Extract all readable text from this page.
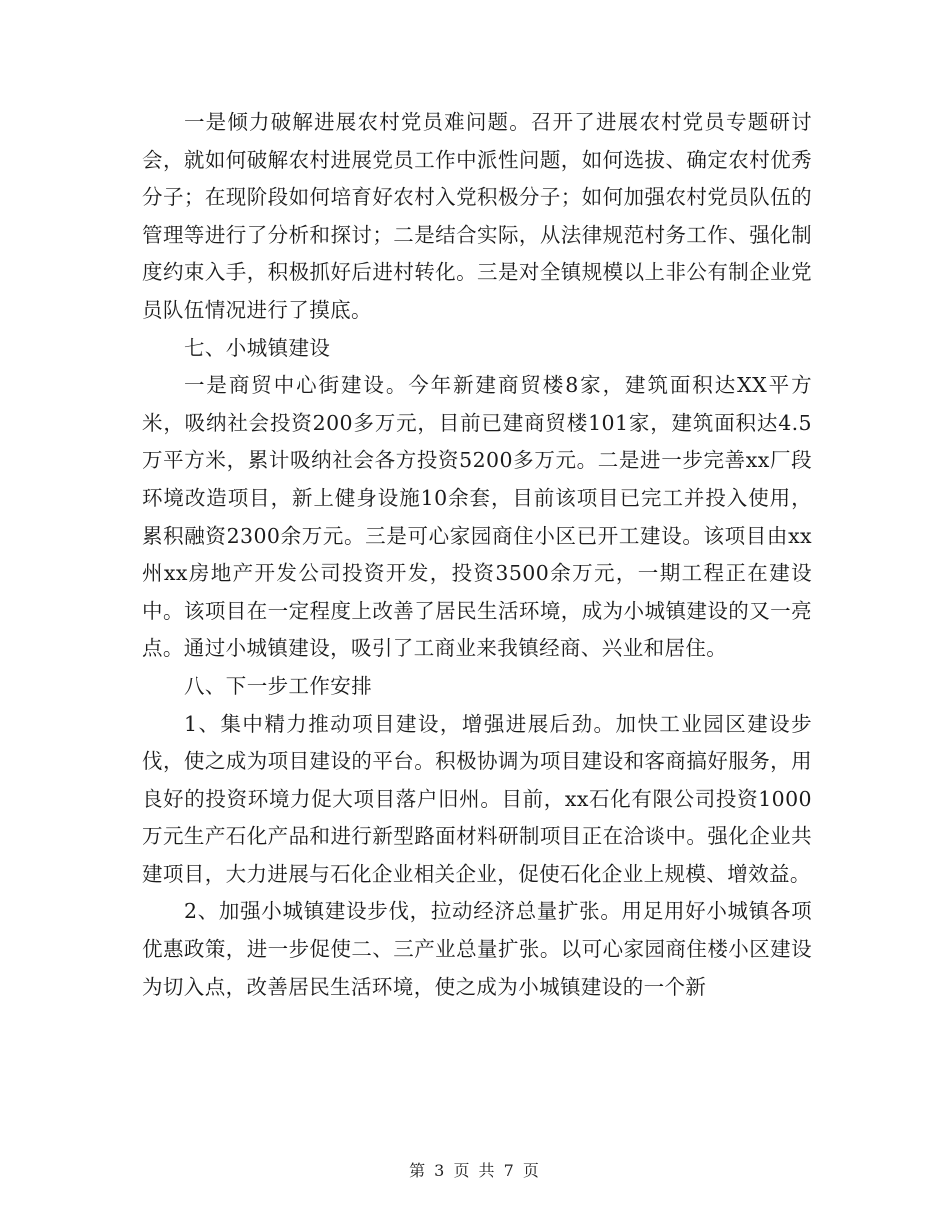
一是倾力破解进展农村党员难问题。召开了进展农村党员专题研讨会，就如何破解农村进展党员工作中派性问题，如何选拔、确定农村优秀分子；在现阶段如何培育好农村入党积极分子；如何加强农村党员队伍的管理等进行了分析和探讨；二是结合实际，从法律规范村务工作、强化制度约束入手，积极抓好后进村转化。三是对全镇规模以上非公有制企业党员队伍情况进行了摸底。

七、小城镇建设

一是商贸中心街建设。今年新建商贸楼8家，建筑面积达XX平方米，吸纳社会投资200多万元，目前已建商贸楼101家，建筑面积达4.5万平方米，累计吸纳社会各方投资5200多万元。二是进一步完善xx厂段环境改造项目，新上健身设施10余套，目前该项目已完工并投入使用，累积融资2300余万元。三是可心家园商住小区已开工建设。该项目由xx州xx房地产开发公司投资开发，投资3500余万元，一期工程正在建设中。该项目在一定程度上改善了居民生活环境，成为小城镇建设的又一亮点。通过小城镇建设，吸引了工商业来我镇经商、兴业和居住。

八、下一步工作安排

1、集中精力推动项目建设，增强进展后劲。加快工业园区建设步伐，使之成为项目建设的平台。积极协调为项目建设和客商搞好服务，用良好的投资环境力促大项目落户旧州。目前，xx石化有限公司投资1000万元生产石化产品和进行新型路面材料研制项目正在洽谈中。强化企业共建项目，大力进展与石化企业相关企业，促使石化企业上规模、增效益。

2、加强小城镇建设步伐，拉动经济总量扩张。用足用好小城镇各项优惠政策，进一步促使二、三产业总量扩张。以可心家园商住楼小区建设为切入点，改善居民生活环境，使之成为小城镇建设的一个新

第 3 页 共 7 页
